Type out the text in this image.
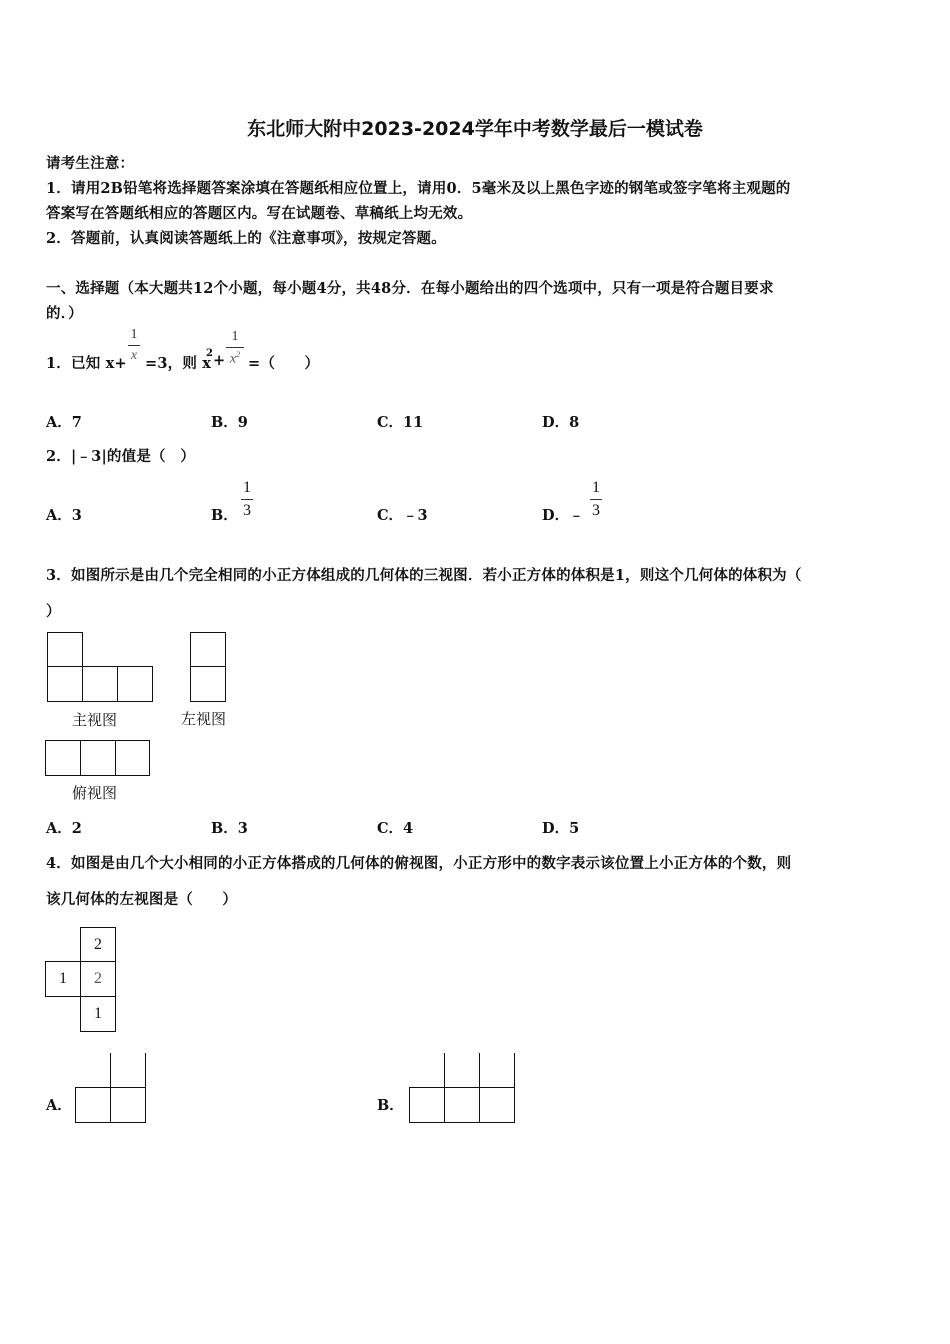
东北师大附中2023-2024学年中考数学最后一模试卷
请考生注意：
1．请用2B铅笔将选择题答案涂填在答题纸相应位置上，请用0．5毫米及以上黑色字迹的钢笔或签字笔将主观题的
答案写在答题纸相应的答题区内。写在试题卷、草稿纸上均无效。
2．答题前，认真阅读答题纸上的《注意事项》，按规定答题。
一、选择题（本大题共12个小题，每小题4分，共48分．在每小题给出的四个选项中，只有一项是符合题目要求
的．）
1．已知 x+
1
x =3，则 x
2 +
1
$x^2$
=（　　）
A．7	B．9	C．11	D．8
2．|﹣3|的值是（　）
A．3	B．
1
3	C．﹣3	D．﹣
1
3
3．如图所示是由几个完全相同的小正方体组成的几何体的三视图．若小正方体的体积是1，则这个几何体的体积为（
）
主视图	左视图
俯视图
A．2	B．3	C．4	D．5
4．如图是由几个大小相同的小正方体搭成的几何体的俯视图，小正方形中的数字表示该位置上小正方体的个数，则
该几何体的左视图是（　　）
2
1	2
1
A．	B．
